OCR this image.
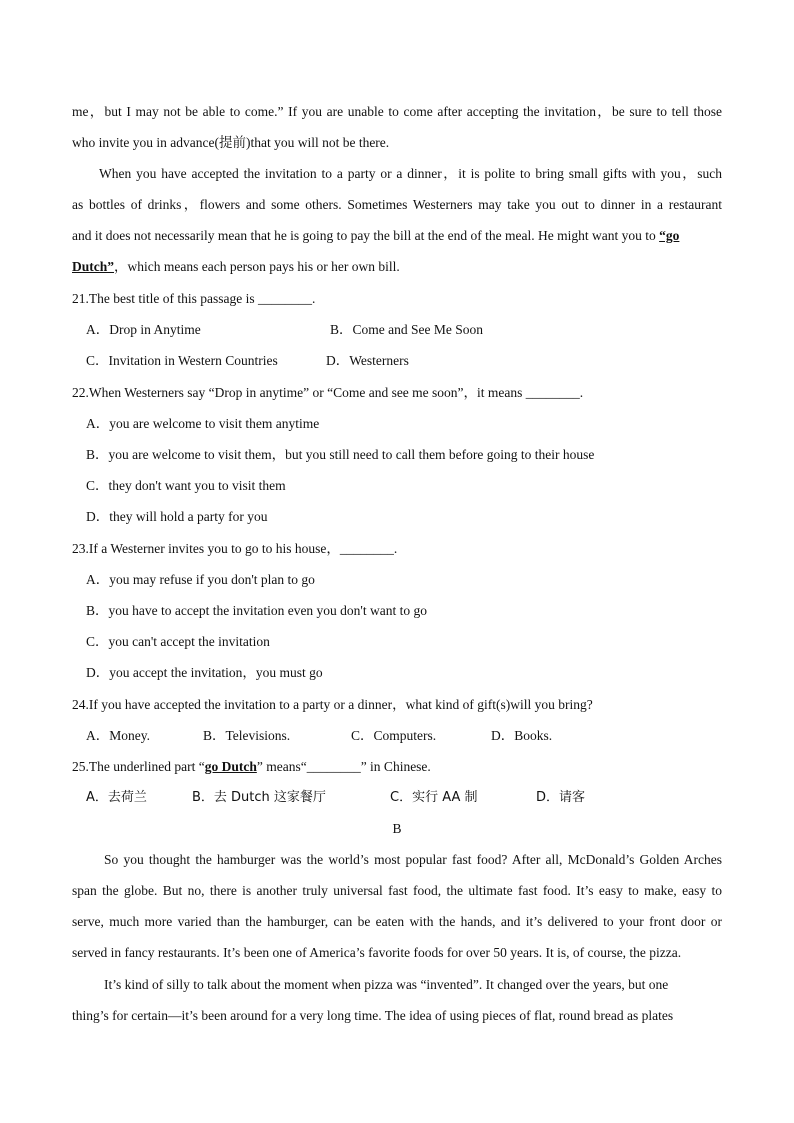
me，but I may not be able to come.” If you are unable to come after accepting the invitation，be sure to tell those
who invite you in advance(提前)that you will not be there.
When you have accepted the invitation to a party or a dinner，it is polite to bring small gifts with you，such
as bottles of drinks，flowers and some others. Sometimes Westerners may take you out to dinner in a restaurant
and it does not necessarily mean that he is going to pay the bill at the end of the meal. He might want you to “go
Dutch”，which means each person pays his or her own bill.
21.The best title of this passage is ________.
A．Drop in Anytime	B．Come and See Me Soon
C．Invitation in Western Countries	D．Westerners
22.When Westerners say “Drop in anytime” or “Come and see me soon”，it means ________.
A．you are welcome to visit them anytime
B．you are welcome to visit them，but you still need to call them before going to their house
C．they don't want you to visit them
D．they will hold a party for you
23.If a Westerner invites you to go to his house，________.
A．you may refuse if you don't plan to go
B．you have to accept the invitation even you don't want to go
C．you can't accept the invitation
D．you accept the invitation，you must go
24.If you have accepted the invitation to a party or a dinner，what kind of gift(s)will you bring?
A．Money.	B．Televisions.	C．Computers.	D．Books.
25.The underlined part “go Dutch” means“________” in Chinese.
A．去荷兰	B．去 Dutch 这家餐厅	C．实行 AA 制	D．请客
B
So you thought the hamburger was the world’s most popular fast food? After all, McDonald’s Golden Arches
span the globe. But no, there is another truly universal fast food, the ultimate fast food. It’s easy to make, easy to
serve, much more varied than the hamburger, can be eaten with the hands, and it’s delivered to your front door or
served in fancy restaurants. It’s been one of America’s favorite foods for over 50 years. It is, of course, the pizza.
It’s kind of silly to talk about the moment when pizza was “invented”. It changed over the years, but one
thing’s for certain—it’s been around for a very long time. The idea of using pieces of flat, round bread as plates
